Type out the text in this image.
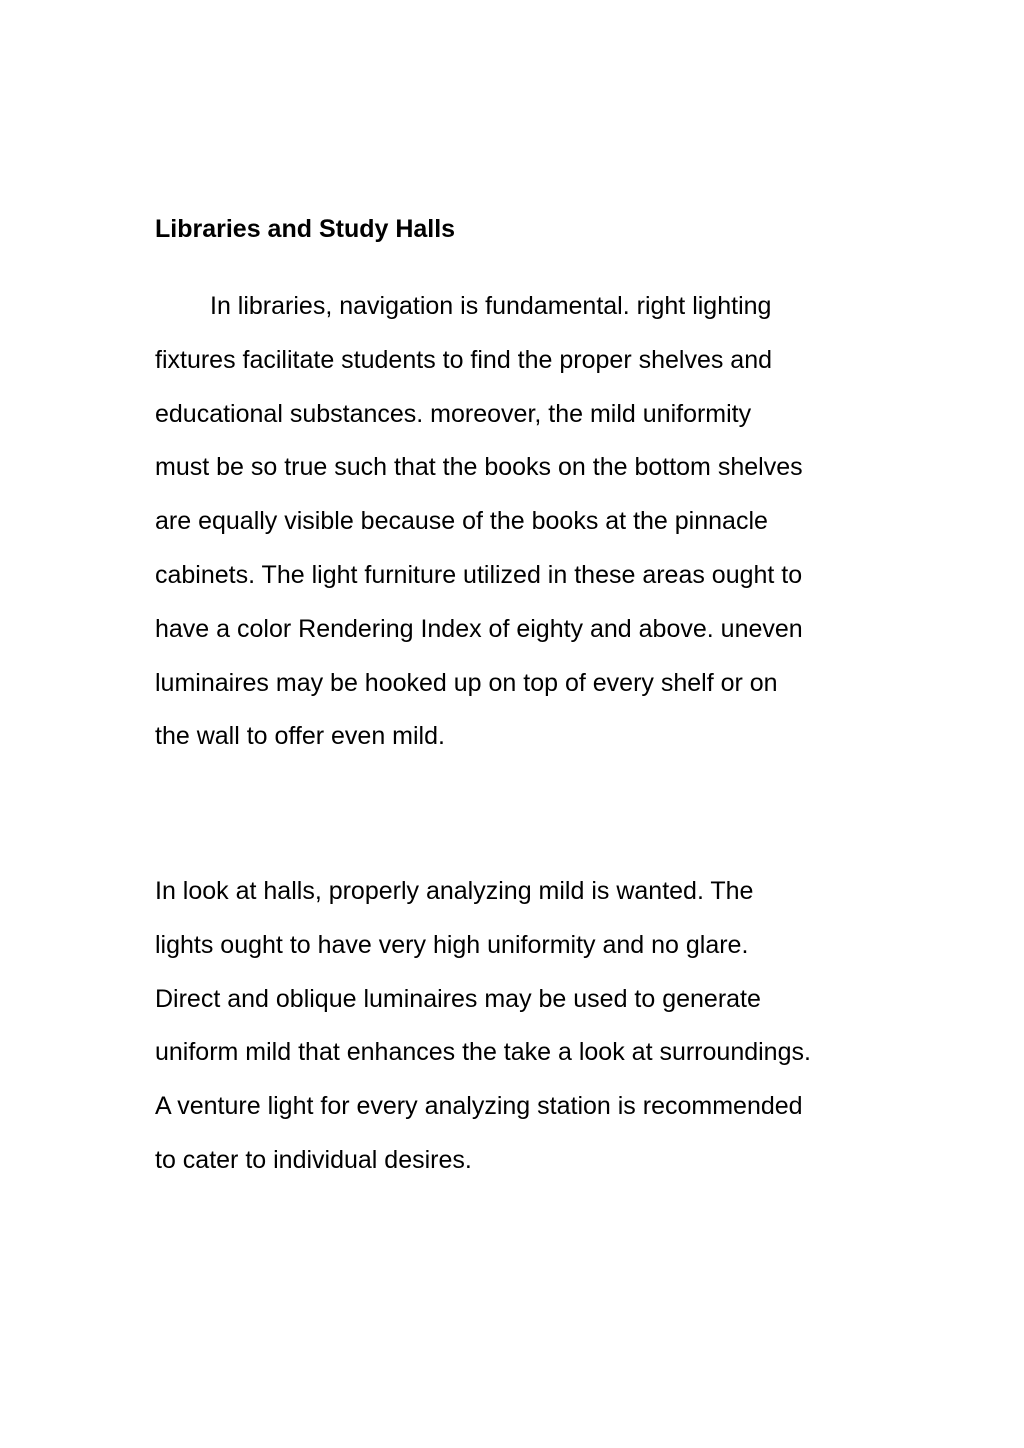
Libraries and Study Halls
In libraries, navigation is fundamental. right lighting
fixtures facilitate students to find the proper shelves and
educational substances. moreover, the mild uniformity
must be so true such that the books on the bottom shelves
are equally visible because of the books at the pinnacle
cabinets. The light furniture utilized in these areas ought to
have a color Rendering Index of eighty and above. uneven
luminaires may be hooked up on top of every shelf or on
the wall to offer even mild.
In look at halls, properly analyzing mild is wanted. The
lights ought to have very high uniformity and no glare.
Direct and oblique luminaires may be used to generate
uniform mild that enhances the take a look at surroundings.
A venture light for every analyzing station is recommended
to cater to individual desires.
